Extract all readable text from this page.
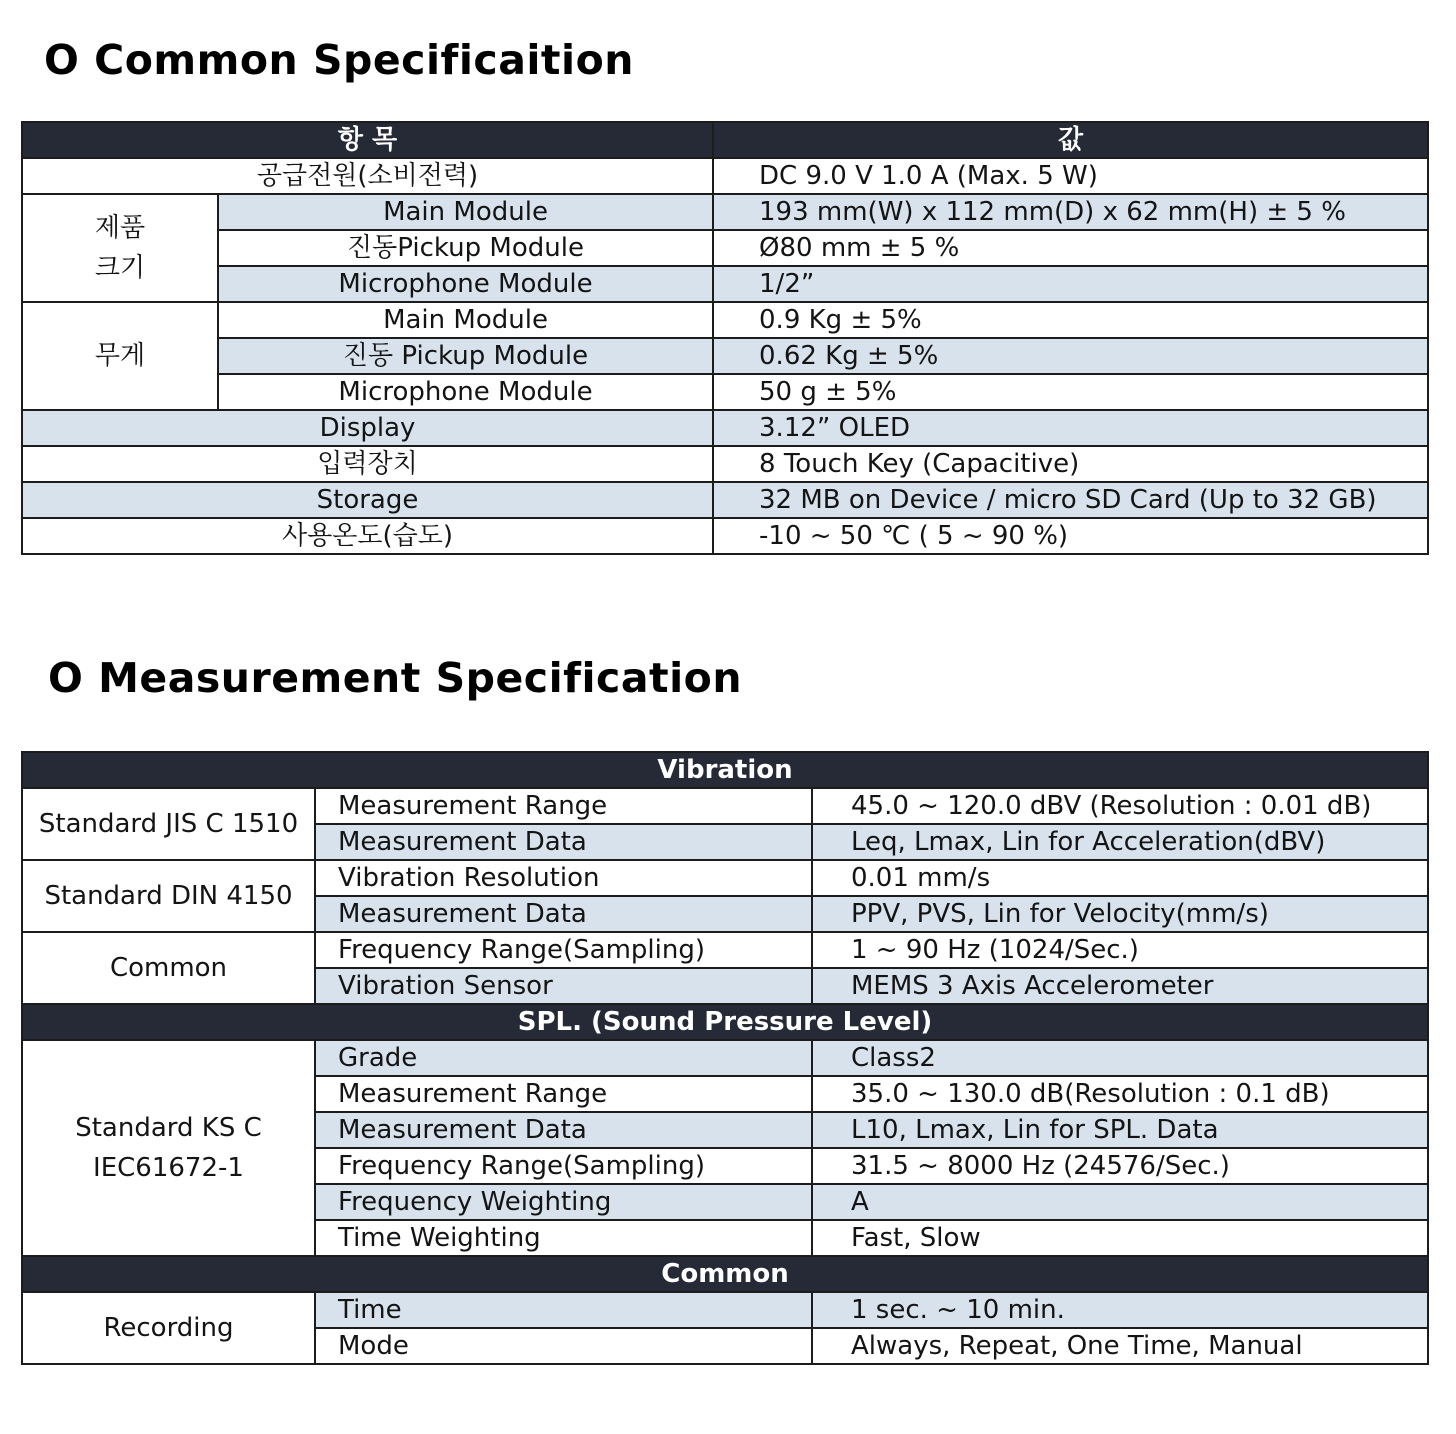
O Common Specificaition
항 목		값
공급전원(소비전력)		DC 9.0 V 1.0 A (Max. 5 W)
제품
크기	Main Module	193 mm(W) x 112 mm(D) x 62 mm(H) ± 5 %
	진동Pickup Module	Ø80 mm ± 5 %
	Microphone Module	1/2”
무게	Main Module	0.9 Kg ± 5%
	진동 Pickup Module	0.62 Kg ± 5%
	Microphone Module	50 g ± 5%
Display		3.12” OLED
입력장치		8 Touch Key (Capacitive)
Storage		32 MB on Device / micro SD Card (Up to 32 GB)
사용온도(습도)		-10 ~ 50 ℃ ( 5 ~ 90 %)
O Measurement Specification
Vibration		
Standard JIS C 1510	Measurement Range	45.0 ~ 120.0 dBV (Resolution : 0.01 dB)
	Measurement Data	Leq, Lmax, Lin for Acceleration(dBV)
Standard DIN 4150	Vibration Resolution	0.01 mm/s
	Measurement Data	PPV, PVS, Lin for Velocity(mm/s)
Common	Frequency Range(Sampling)	1 ~ 90 Hz (1024/Sec.)
	Vibration Sensor	MEMS 3 Axis Accelerometer
SPL. (Sound Pressure Level)		
Standard KS C
IEC61672-1	Grade	Class2
	Measurement Range	35.0 ~ 130.0 dB(Resolution : 0.1 dB)
	Measurement Data	L10, Lmax, Lin for SPL. Data
	Frequency Range(Sampling)	31.5 ~ 8000 Hz (24576/Sec.)
	Frequency Weighting	A
	Time Weighting	Fast, Slow
Common		
Recording	Time	1 sec. ~ 10 min.
	Mode	Always, Repeat, One Time, Manual
